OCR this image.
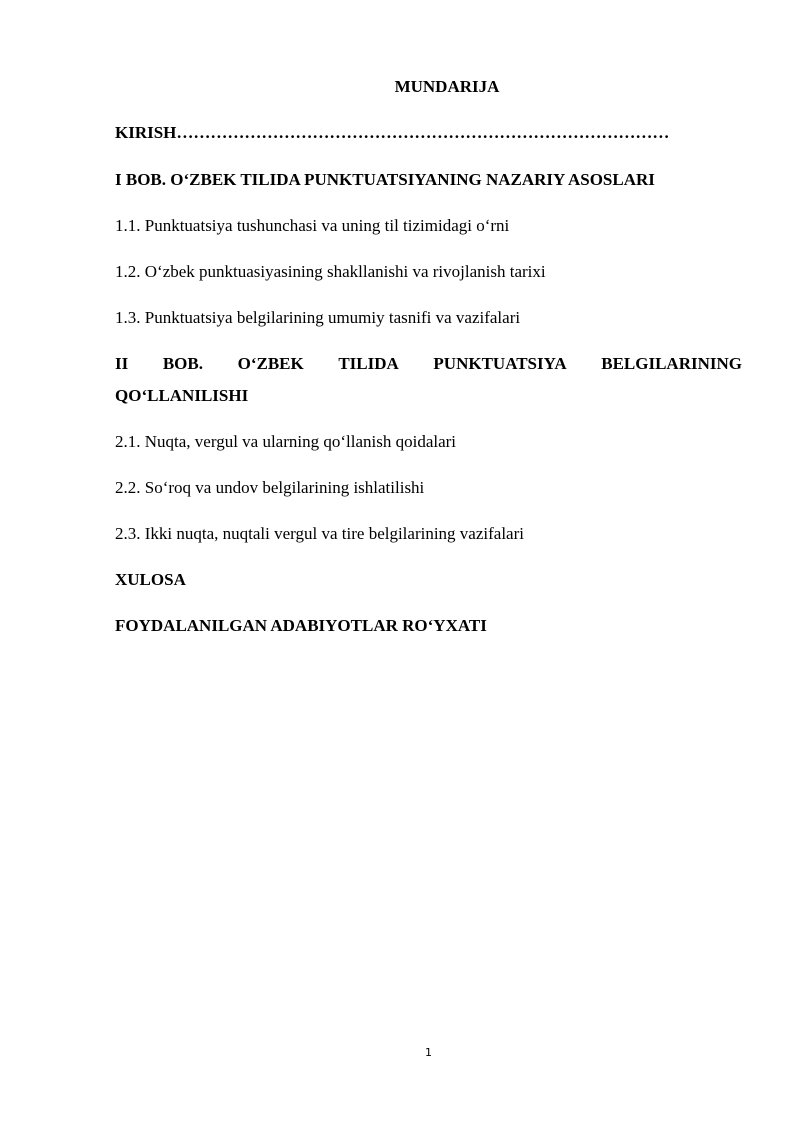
MUNDARIJA
KIRISH……………………………………………………………………………
I BOB. O‘ZBEK TILIDA PUNKTUATSIYANING NAZARIY ASOSLARI
1.1. Punktuatsiya tushunchasi va uning til tizimidagi o‘rni
1.2. O‘zbek punktuasiyasining shakllanishi va rivojlanish tarixi
1.3. Punktuatsiya belgilarining umumiy tasnifi va vazifalari
II BOB. O‘ZBEK TILIDA PUNKTUATSIYA BELGILARINING
QO‘LLANILISHI
2.1. Nuqta, vergul va ularning qo‘llanish qoidalari
2.2. So‘roq va undov belgilarining ishlatilishi
2.3. Ikki nuqta, nuqtali vergul va tire belgilarining vazifalari
XULOSA
FOYDALANILGAN ADABIYOTLAR RO‘YXATI
1
